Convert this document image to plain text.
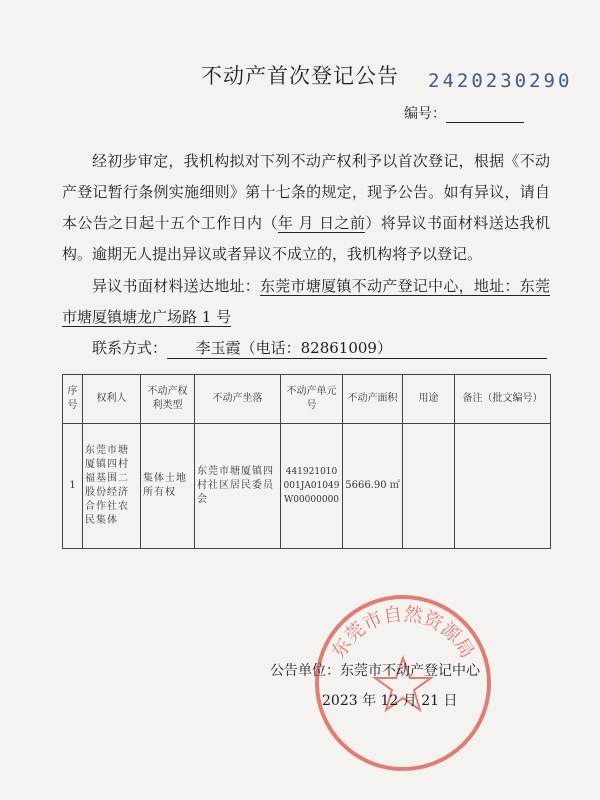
不动产首次登记公告	2420230290
编号：
经初步审定，我机构拟对下列不动产权利予以首次登记，根据《不动产登记暂行条例实施细则》第十七条的规定，现予公告。如有异议，请自本公告之日起十五个工作日内（年 月 日之前）将异议书面材料送达我机构。逾期无人提出异议或者异议不成立的，我机构将予以登记。
异议书面材料送达地址：东莞市塘厦镇不动产登记中心，地址：东莞市塘厦镇塘龙广场路 1 号
联系方式： 李玉霞（电话：82861009）
序号	权利人	不动产权利类型	不动产坐落	不动产单元号	不动产面积	用途	备注（批文编号）
1	东莞市塘厦镇四村福基围二股份经济合作社农民集体	集体土地所有权	东莞市塘厦镇四村社区居民委员会	441921010001JA01049W00000000	5666.90 ㎡		
东莞市自然资源局
公告单位：东莞市不动产登记中心
2023 年 12 月 21 日
